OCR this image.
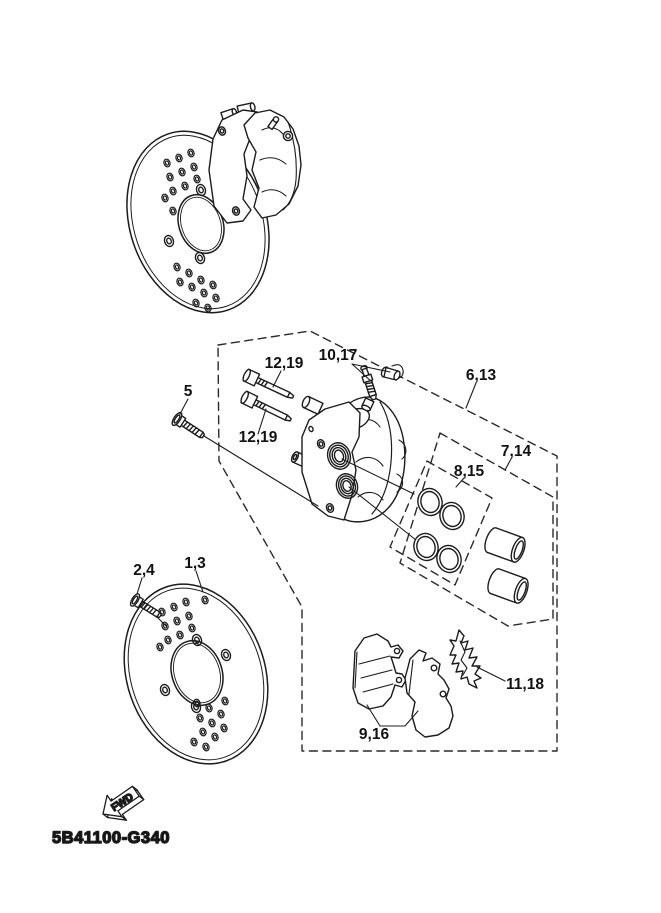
FWD
5B41100-G340
5
12,19
12,19
10,17
6,13
7,14
8,15
2,4 1,3
11,18
9,16
